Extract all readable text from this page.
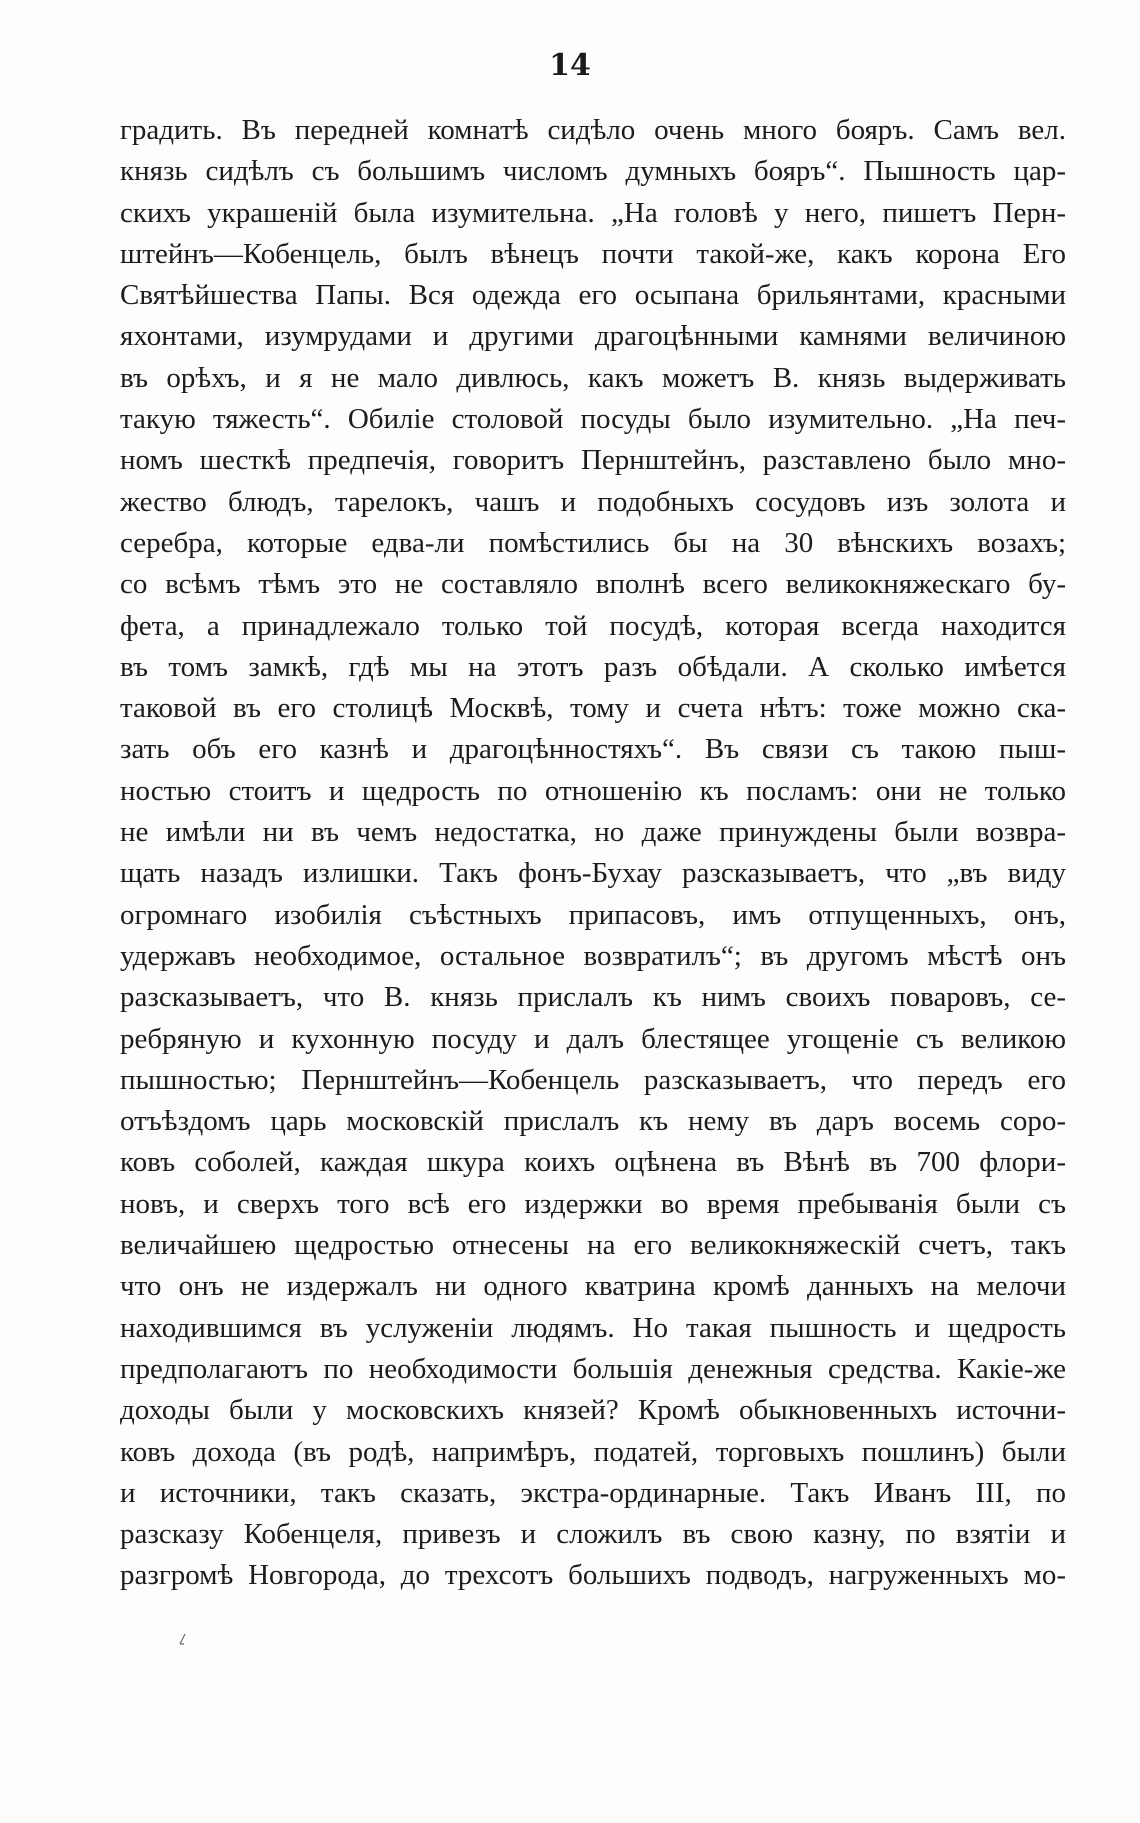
14
градить. Въ передней комнатѣ сидѣло очень много бояръ. Самъ вел.
князь сидѣлъ съ большимъ числомъ думныхъ бояръ“. Пышность цар-
скихъ украшеній была изумительна. „На головѣ у него, пишетъ Перн-
штейнъ—Кобенцель, былъ вѣнецъ почти такой-же, какъ корона Его
Святѣйшества Папы. Вся одежда его осыпана брильянтами, красными
яхонтами, изумрудами и другими драгоцѣнными камнями величиною
въ орѣхъ, и я не мало дивлюсь, какъ можетъ В. князь выдерживать
такую тяжесть“. Обиліе столовой посуды было изумительно. „На печ-
номъ шесткѣ предпечія, говоритъ Пернштейнъ, разставлено было мно-
жество блюдъ, тарелокъ, чашъ и подобныхъ сосудовъ изъ золота и
серебра, которые едва-ли помѣстились бы на 30 вѣнскихъ возахъ;
со всѣмъ тѣмъ это не составляло вполнѣ всего великокняжескаго бу-
фета, а принадлежало только той посудѣ, которая всегда находится
въ томъ замкѣ, гдѣ мы на этотъ разъ обѣдали. А сколько имѣется
таковой въ его столицѣ Москвѣ, тому и счета нѣтъ: тоже можно ска-
зать объ его казнѣ и драгоцѣнностяхъ“. Въ связи съ такою пыш-
ностью стоитъ и щедрость по отношенію къ посламъ: они не только
не имѣли ни въ чемъ недостатка, но даже принуждены были возвра-
щать назадъ излишки. Такъ фонъ-Бухау разсказываетъ, что „въ виду
огромнаго изобилія съѣстныхъ припасовъ, имъ отпущенныхъ, онъ,
удержавъ необходимое, остальное возвратилъ“; въ другомъ мѣстѣ онъ
разсказываетъ, что В. князь прислалъ къ нимъ своихъ поваровъ, се-
ребряную и кухонную посуду и далъ блестящее угощеніе съ великою
пышностью; Пернштейнъ—Кобенцель разсказываетъ, что передъ его
отъѣздомъ царь московскій прислалъ къ нему въ даръ восемь соро-
ковъ соболей, каждая шкура коихъ оцѣнена въ Вѣнѣ въ 700 флори-
новъ, и сверхъ того всѣ его издержки во время пребыванія были съ
величайшею щедростью отнесены на его великокняжескій счетъ, такъ
что онъ не издержалъ ни одного кватрина кромѣ данныхъ на мелочи
находившимся въ услуженіи людямъ. Но такая пышность и щедрость
предполагаютъ по необходимости большія денежныя средства. Какіе-же
доходы были у московскихъ князей? Кромѣ обыкновенныхъ источни-
ковъ дохода (въ родѣ, напримѣръ, податей, торговыхъ пошлинъ) были
и источники, такъ сказать, экстра-ординарные. Такъ Иванъ III, по
разсказу Кобенцеля, привезъ и сложилъ въ свою казну, по взятіи и
разгромѣ Новгорода, до трехсотъ большихъ подводъ, нагруженныхъ мо-
